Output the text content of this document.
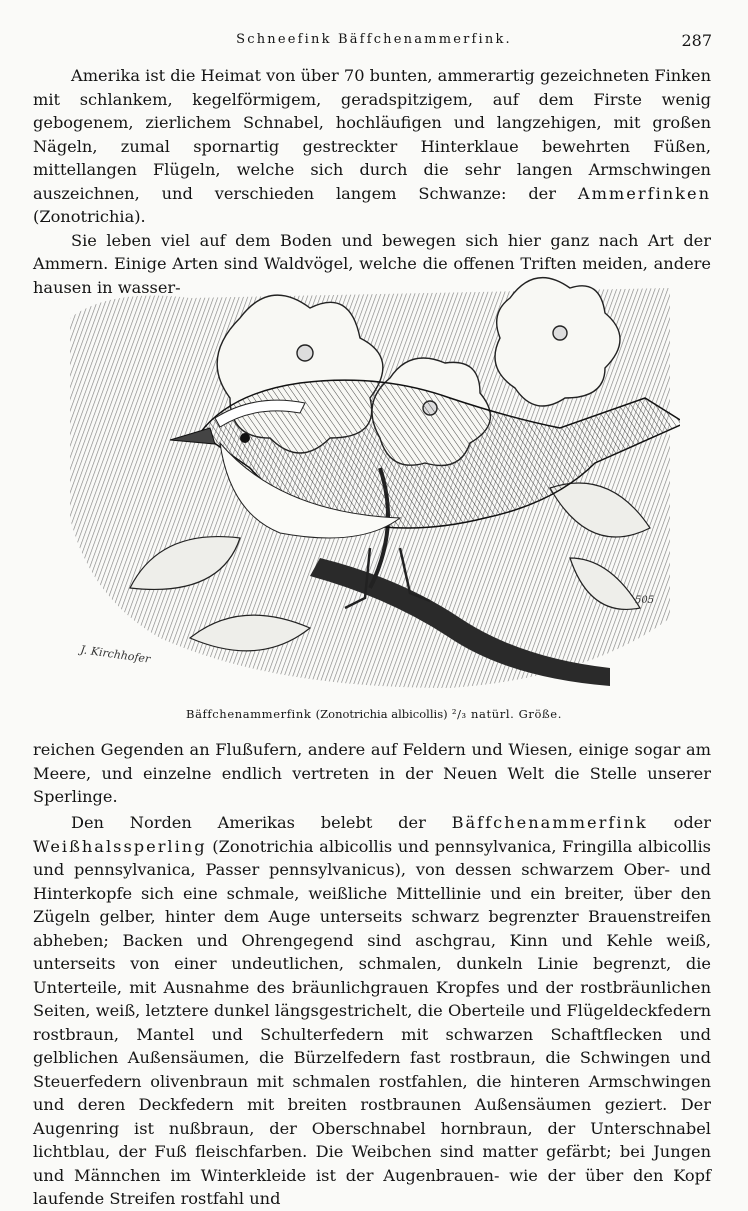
Schneefink Bäffchenammerfink.	287

Amerika ist die Heimat von über 70 bunten, ammerartig gezeichneten Finken mit schlankem, kegelförmigem, geradspitzigem, auf dem Firste wenig gebogenem, zierlichem Schnabel, hochläufigen und langzehigen, mit großen Nägeln, zumal spornartig gestreckter Hinterklaue bewehrten Füßen, mittellangen Flügeln, welche sich durch die sehr langen Armschwingen auszeichnen, und verschieden langem Schwanze: der Ammerfinken (Zonotrichia).
Sie leben viel auf dem Boden und bewegen sich hier ganz nach Art der Ammern. Einige Arten sind Waldvögel, welche die offenen Triften meiden, andere hausen in wasser-

J. Kirchhofer
505
Bäffchenammerfink (Zonotrichia albicollis) ²/₃ natürl. Größe.

reichen Gegenden an Flußufern, andere auf Feldern und Wiesen, einige sogar am Meere, und einzelne endlich vertreten in der Neuen Welt die Stelle unserer Sperlinge.

Den Norden Amerikas belebt der Bäffchenammerfink oder Weißhalssperling (Zonotrichia albicollis und pennsylvanica, Fringilla albicollis und pennsylvanica, Passer pennsylvanicus), von dessen schwarzem Ober- und Hinterkopfe sich eine schmale, weißliche Mittellinie und ein breiter, über den Zügeln gelber, hinter dem Auge unterseits schwarz begrenzter Brauenstreifen abheben; Backen und Ohrengegend sind aschgrau, Kinn und Kehle weiß, unterseits von einer undeutlichen, schmalen, dunkeln Linie begrenzt, die Unterteile, mit Ausnahme des bräunlichgrauen Kropfes und der rostbräunlichen Seiten, weiß, letztere dunkel längsgestrichelt, die Oberteile und Flügeldeckfedern rostbraun, Mantel und Schulterfedern mit schwarzen Schaftflecken und gelblichen Außensäumen, die Bürzelfedern fast rostbraun, die Schwingen und Steuerfedern olivenbraun mit schmalen rostfahlen, die hinteren Armschwingen und deren Deckfedern mit breiten rostbraunen Außensäumen geziert. Der Augenring ist nußbraun, der Oberschnabel hornbraun, der Unterschnabel lichtblau, der Fuß fleischfarben. Die Weibchen sind matter gefärbt; bei Jungen und Männchen im Winterkleide ist der Augenbrauen- wie der über den Kopf laufende Streifen rostfahl und
